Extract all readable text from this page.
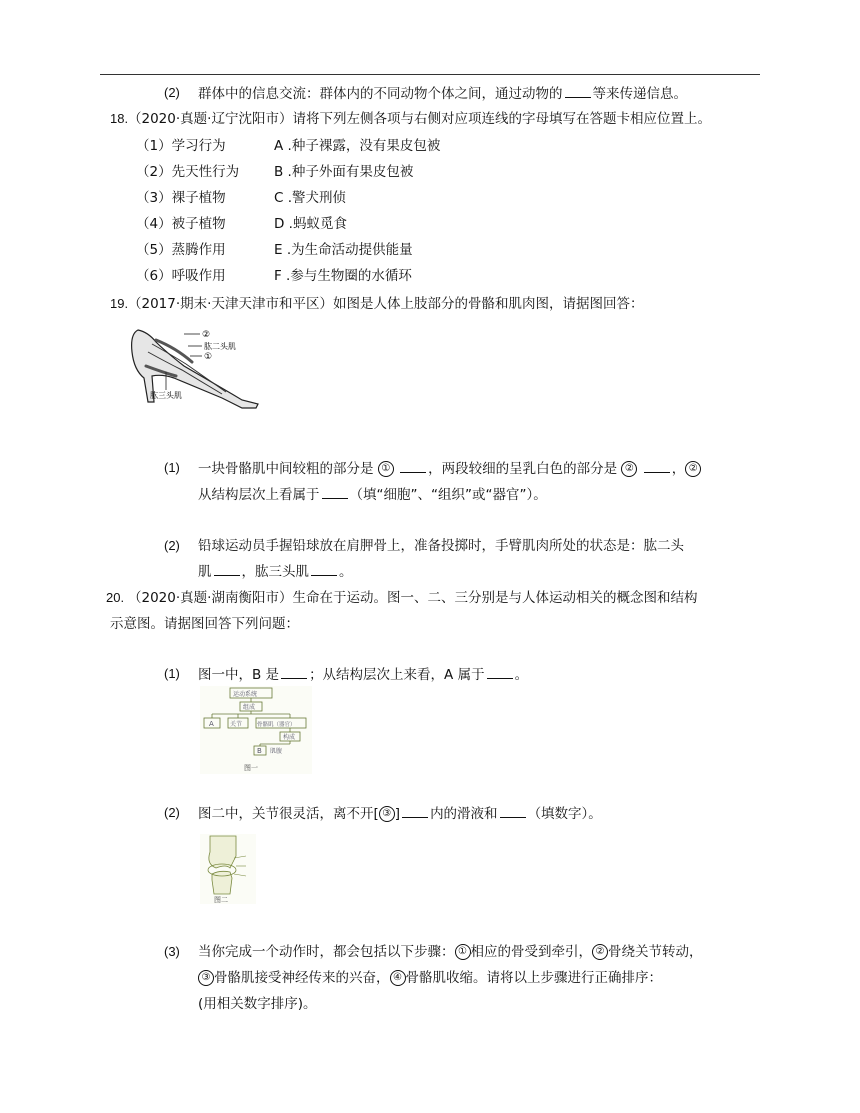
(2) 群体中的信息交流：群体内的不同动物个体之间，通过动物的 等来传递信息。
18. （2020·真题·辽宁沈阳市）请将下列左侧各项与右侧对应项连线的字母填写在答题卡相应位置上。
（1）学习行为	A .种子裸露，没有果皮包被
（2）先天性行为	B .种子外面有果皮包被
（3）裸子植物	C .警犬刑侦
（4）被子植物	D .蚂蚁觅食
（5）蒸腾作用	E .为生命活动提供能量
（6）呼吸作用	F .参与生物圈的水循环
19. （2017·期末·天津天津市和平区）如图是人体上肢部分的骨骼和肌肉图，请据图回答：
②
肱二头肌
①
肱三头肌
(1) 一块骨骼肌中间较粗的部分是 ①	，两段较细的呈乳白色的部分是 ②	， ②
从结构层次上看属于 （填“细胞”、“组织”或“器官”）。
(2) 铅球运动员手握铅球放在肩胛骨上，准备投掷时，手臂肌肉所处的状态是：肱二头
肌 ，肱三头肌 。
20. （2020·真题·湖南衡阳市）生命在于运动。图一、二、三分别是与人体运动相关的概念图和结构
示意图。请据图回答下列问题：
(1) 图一中，B 是 ；从结构层次上来看，A 属于 。
运动系统
组成
A	关节	骨骼肌（器官）
构成
B 肌腹
图一
(2) 图二中，关节很灵活，离不开[ ③ ] 内的滑液和 （填数字）。
图二
(3) 当你完成一个动作时，都会包括以下步骤： ① 相应的骨受到牵引， ② 骨绕关节转动，
③ 骨骼肌接受神经传来的兴奋， ④ 骨骼肌收缩。请将以上步骤进行正确排序：
(用相关数字排序)。
